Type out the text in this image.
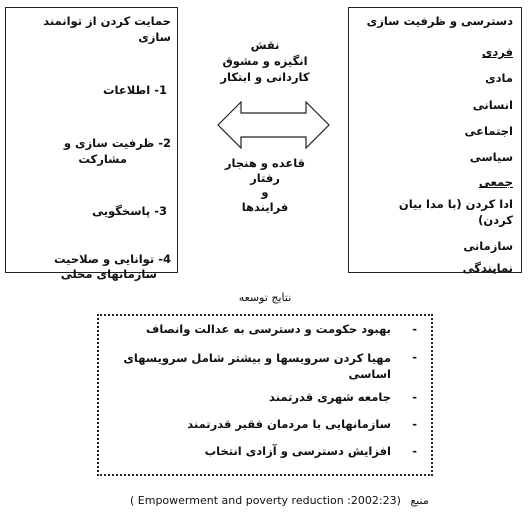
حمایت کردن از توانمند
سازی
1- اطلاعات
2- ظرفیت سازی و
مشارکت
3- پاسخگویی
4- توانایی و صلاحیت
سازمانهای محلی
دسترسی و ظرفیت سازی
فردی
مادی
انسانی
اجتماعی
سیاسی
جمعی
ادا کردن (با مدا بیان
کردن)
سازمانی
نمایندگی
نقش
انگیزه و مشوق
کاردانی و ابتکار
قاعده و هنجار
رفتار
و
فرایندها
نتایج توسعه
-
بهبود حکومت و دسترسی به عدالت وانصاف
-
مهیا کردن سرویسها و بیشتر شامل سرویسهای اساسی
-
جامعه شهری قدرتمند
-
سازمانهایی با مردمان فقیر قدرتمند
-
افزایش دسترسی و آزادی انتخاب
( Empowerment and poverty reduction :2002:23) منبع
